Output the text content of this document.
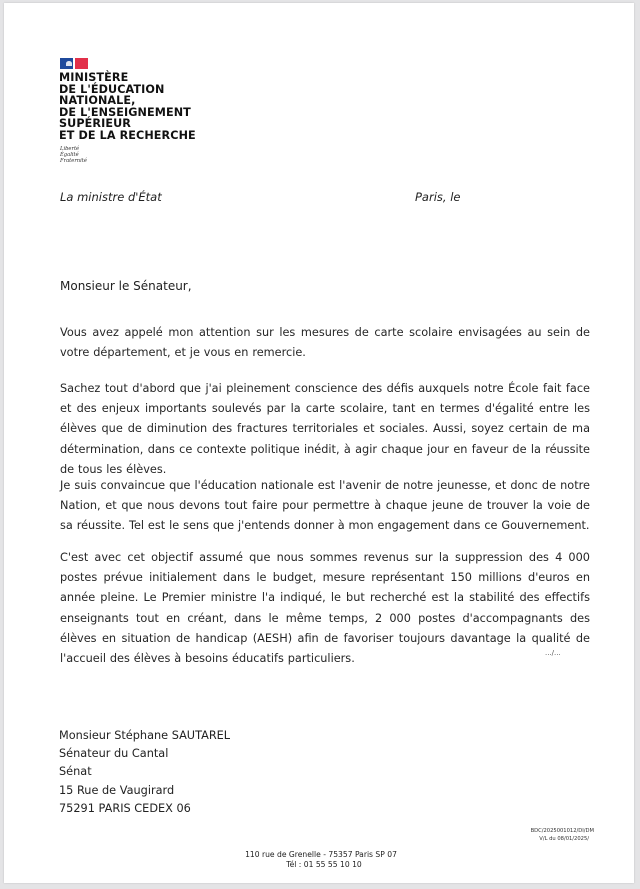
MINISTÈRE
DE L'ÉDUCATION
NATIONALE,
DE L'ENSEIGNEMENT
SUPÉRIEUR
ET DE LA RECHERCHE
Liberté
Égalité
Fraternité
La ministre d'État	Paris, le
Monsieur le Sénateur,

Vous avez appelé mon attention sur les mesures de carte scolaire envisagées au sein de votre département, et je vous en remercie.

Sachez tout d'abord que j'ai pleinement conscience des défis auxquels notre École fait face et des enjeux importants soulevés par la carte scolaire, tant en termes d'égalité entre les élèves que de diminution des fractures territoriales et sociales. Aussi, soyez certain de ma détermination, dans ce contexte politique inédit, à agir chaque jour en faveur de la réussite de tous les élèves.

Je suis convaincue que l'éducation nationale est l'avenir de notre jeunesse, et donc de notre Nation, et que nous devons tout faire pour permettre à chaque jeune de trouver la voie de sa réussite. Tel est le sens que j'entends donner à mon engagement dans ce Gouvernement.

C'est avec cet objectif assumé que nous sommes revenus sur la suppression des 4 000 postes prévue initialement dans le budget, mesure représentant 150 millions d'euros en année pleine. Le Premier ministre l'a indiqué, le but recherché est la stabilité des effectifs enseignants tout en créant, dans le même temps, 2 000 postes d'accompagnants des élèves en situation de handicap (AESH) afin de favoriser toujours davantage la qualité de l'accueil des élèves à besoins éducatifs particuliers.	.../...
Monsieur Stéphane SAUTAREL
Sénateur du Cantal
Sénat
15 Rue de Vaugirard
75291 PARIS CEDEX 06
BDC/2025001012/DI/DM
V/L du 08/01/2025/
110 rue de Grenelle - 75357 Paris SP 07
Tél : 01 55 55 10 10
